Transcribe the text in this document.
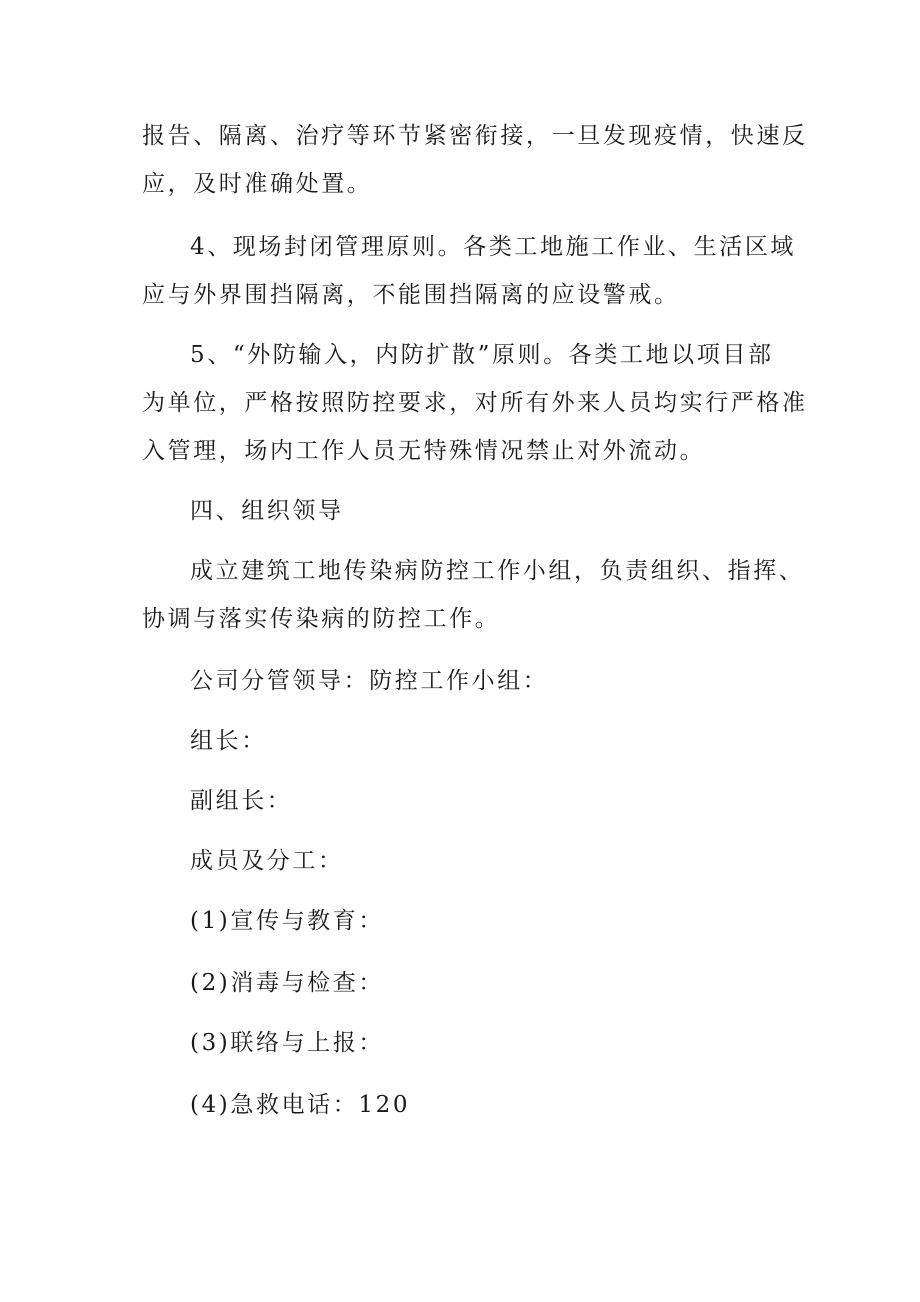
报告、隔离、治疗等环节紧密衔接，一旦发现疫情，快速反
应，及时准确处置。
4、现场封闭管理原则。各类工地施工作业、生活区域
应与外界围挡隔离，不能围挡隔离的应设警戒。
5、“外防输入，内防扩散”原则。各类工地以项目部
为单位，严格按照防控要求，对所有外来人员均实行严格准
入管理，场内工作人员无特殊情况禁止对外流动。
四、组织领导
成立建筑工地传染病防控工作小组，负责组织、指挥、
协调与落实传染病的防控工作。
公司分管领导：防控工作小组：
组长：
副组长：
成员及分工：
(1)宣传与教育：
(2)消毒与检查：
(3)联络与上报：
(4)急救电话：120
